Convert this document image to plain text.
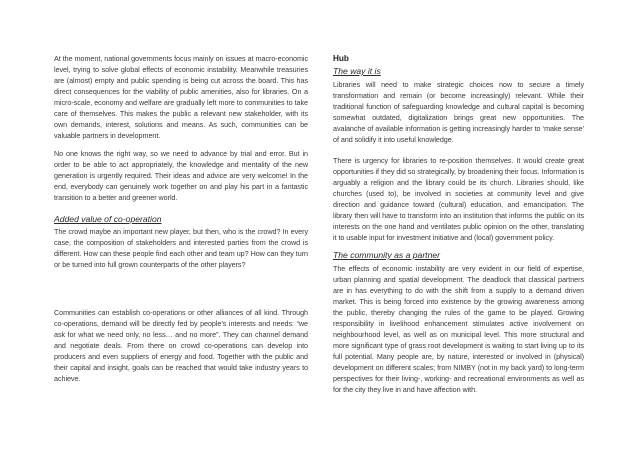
At the moment, national governments focus mainly on issues at macro-economic level, trying to solve global effects of economic instability. Meanwhile treasuries are (almost) empty and public spending is being cut across the board. This has direct consequences for the viability of public amenities, also for libraries. On a micro-scale, economy and welfare are gradually left more to communities to take care of themselves. This makes the public a relevant new stakeholder, with its own demands, interest, solutions and means. As such, communities can be valuable partners in development.

No one knows the right way, so we need to advance by trial and error. But in order to be able to act appropriately, the knowledge and mentality of the new generation is urgently required. Their ideas and advice are very welcome! In the end, everybody can genuinely work together on and play his part in a fantastic transition to a better and greener world.

Added value of co-operation

The crowd maybe an important new player, but then, who is the crowd? In every case, the composition of stakeholders and interested parties from the crowd is different. How can these people find each other and team up? How can they turn or be turned into full grown counterparts of the other players?

Communities can establish co-operations or other alliances of all kind. Through co-operations, demand will be directly fed by people’s interests and needs: “we ask for what we need only, no less… and no more”. They can channel demand and negotiate deals. From there on crowd co-operations can develop into producers and even suppliers of energy and food. Together with the public and their capital and insight, goals can be reached that would take industry years to achieve.

Hub
The way it is

Libraries will need to make strategic choices now to secure a timely transformation and remain (or become increasingly) relevant. While their traditional function of safeguarding knowledge and cultural capital is becoming somewhat outdated, digitalization brings great new opportunities. The avalanche of available information is getting increasingly harder to ‘make sense’ of and solidify it into useful knowledge.

There is urgency for libraries to re-position themselves. It would create great opportunities if they did so strategically, by broadening their focus. Information is arguably a religion and the library could be its church. Libraries should, like churches (used to), be involved in societies at community level and give direction and guidance toward (cultural) education, and emancipation. The library then will have to transform into an institution that informs the public on its interests on the one hand and ventilates public opinion on the other, translating it to usable input for investment initiative and (local) government policy.

The community as a partner

The effects of economic instability are very evident in our field of expertise, urban planning and spatial development. The deadlock that classical partners are in has everything to do with the shift from a supply to a demand driven market. This is being forced into existence by the growing awareness among the public, thereby changing the rules of the game to be played. Growing responsibility in livelihood enhancement stimulates active involvement on neighbourhood level, as well as on municipal level. This more structural and more significant type of grass root development is waiting to start living up to its full potential. Many people are, by nature, interested or involved in (physical) development on different scales; from NIMBY (not in my back yard) to long-term perspectives for their living-, working- and recreational environments as well as for the city they live in and have affection with.
